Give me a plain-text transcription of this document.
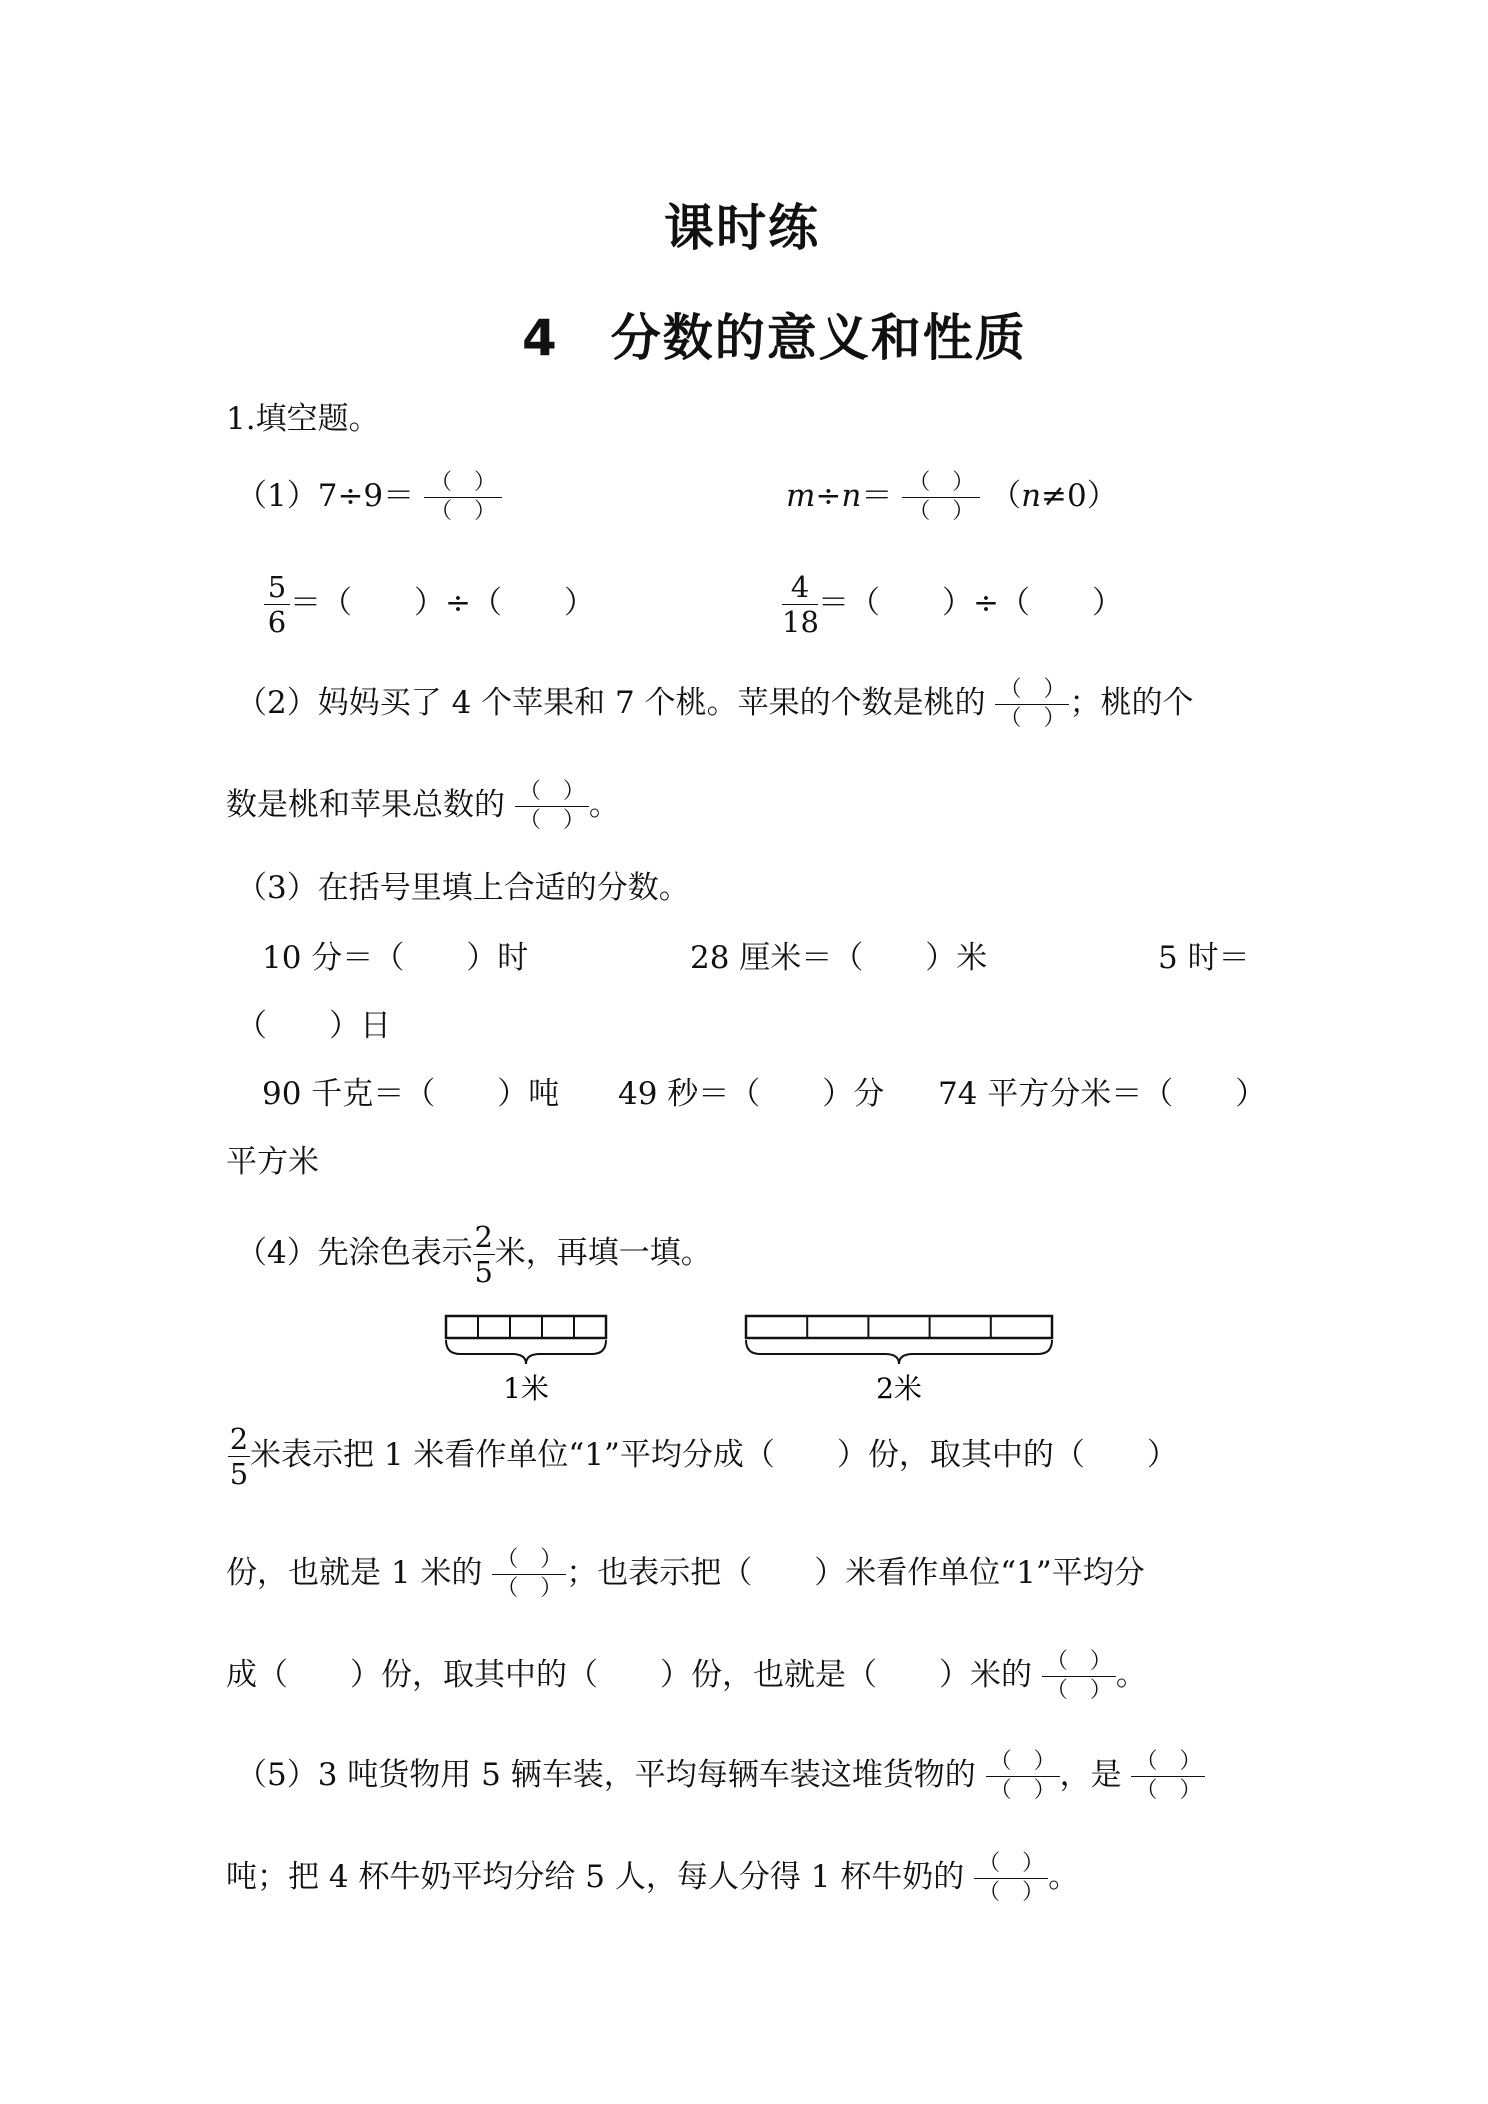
课时练
4　分数的意义和性质
1.填空题。
$(1)7\div 9= \frac{( )}{( )}$	$m\div n= \frac{( )}{( )} (n\ne 0)$
$\frac{5}{6}$ ＝（　　）÷（　　）	$\frac{4}{18}$ ＝（　　）÷（　　）
（2）妈妈买了 4 个苹果和 7 个桃。苹果的个数是桃的 $\frac{( )}{( )}$ ；桃的个
数是桃和苹果总数的 $\frac{( )}{( )}$ 。
（3）在括号里填上合适的分数。
10 分＝（　　）时	28 厘米＝（　　）米	5 时＝
（　　）日
90 千克＝（　　）吨 49 秒＝（　　）分 74 平方分米＝（　　）
平方米
（4）先涂色表示 $\frac{2}{5}$ 米，再填一填。
1米	2米
$\frac{2}{5}$ 米表示把 1 米看作单位“1”平均分成（　　）份，取其中的（　　）
份，也就是 1 米的 $\frac{( )}{( )}$ ；也表示把（　　）米看作单位“1”平均分
成（　　）份，取其中的（　　）份，也就是（　　）米的 $\frac{( )}{( )}$ 。
（5）3 吨货物用 5 辆车装，平均每辆车装这堆货物的 $\frac{( )}{( )}$ ，是 $\frac{( )}{( )}$
吨；把 4 杯牛奶平均分给 5 人，每人分得 1 杯牛奶的 $\frac{( )}{( )}$ 。
